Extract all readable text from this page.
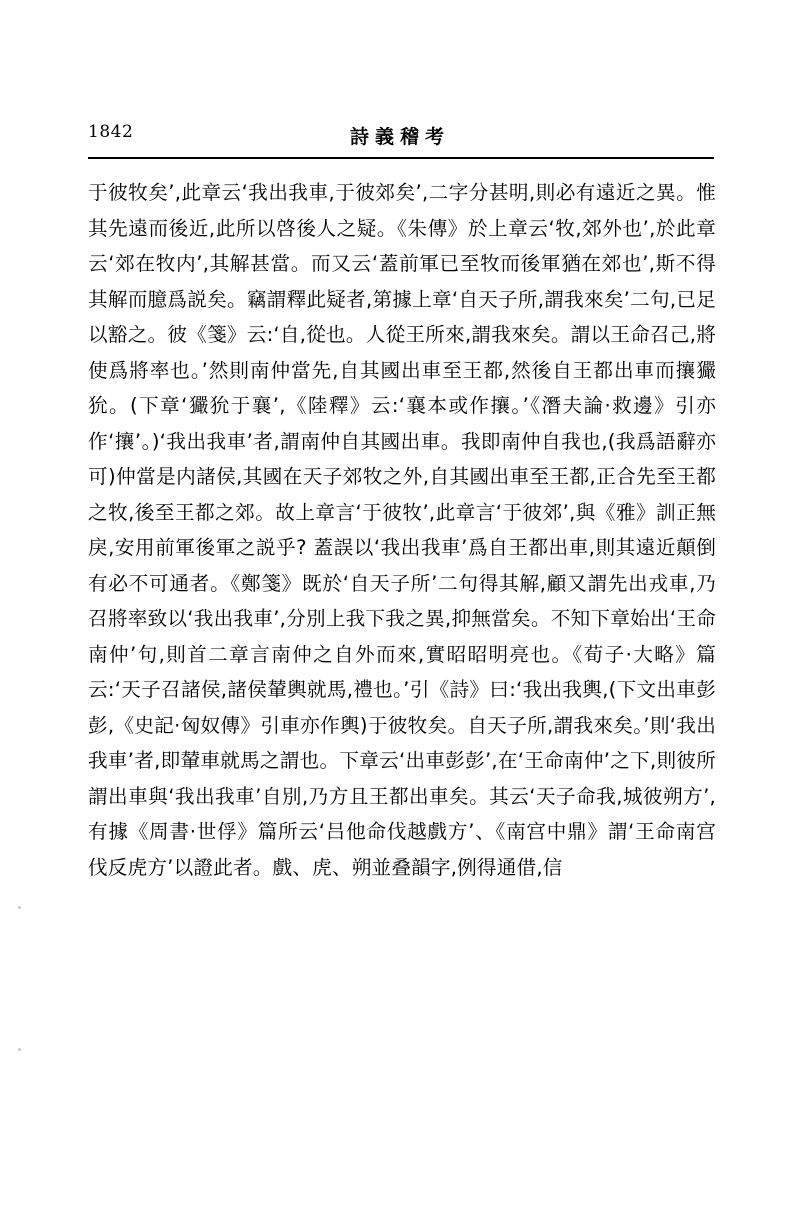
1842	詩義稽考

于彼牧矣’,此章云‘我出我車,于彼郊矣’,二字分甚明,則必有遠近之異。惟其先遠而後近,此所以啓後人之疑。《朱傳》於上章云‘牧,郊外也’,於此章云‘郊在牧内’,其解甚當。而又云‘蓋前軍已至牧而後軍猶在郊也’,斯不得其解而臆爲説矣。竊謂釋此疑者,第據上章‘自天子所,謂我來矣’二句,已足以豁之。彼《箋》云:‘自,從也。人從王所來,謂我來矣。謂以王命召己,將使爲將率也。’然則南仲當先,自其國出車至王都,然後自王都出車而攘玁狁。(下章‘玁狁于襄’,《陸釋》云:‘襄本或作攘。’《潛夫論·救邊》引亦作‘攘’。)‘我出我車’者,謂南仲自其國出車。我即南仲自我也,(我爲語辭亦可)仲當是内諸侯,其國在天子郊牧之外,自其國出車至王都,正合先至王都之牧,後至王都之郊。故上章言‘于彼牧’,此章言‘于彼郊’,與《雅》訓正無戾,安用前軍後軍之説乎? 蓋誤以‘我出我車’爲自王都出車,則其遠近顛倒有必不可通者。《鄭箋》既於‘自天子所’二句得其解,顧又謂先出戎車,乃召將率致以‘我出我車’,分別上我下我之異,抑無當矣。不知下章始出‘王命南仲’句,則首二章言南仲之自外而來,實昭昭明亮也。《荀子·大略》篇云:‘天子召諸侯,諸侯輦輿就馬,禮也。’引《詩》曰:‘我出我輿,(下文出車彭彭,《史記·匈奴傳》引車亦作輿)于彼牧矣。自天子所,謂我來矣。’則‘我出我車’者,即輦車就馬之謂也。下章云‘出車彭彭’,在‘王命南仲’之下,則彼所謂出車與‘我出我車’自別,乃方且王都出車矣。其云‘天子命我,城彼朔方’,有據《周書·世俘》篇所云‘吕他命伐越戲方’、《南宫中鼎》謂‘王命南宫伐反虎方’以證此者。戲、虎、朔並叠韻字,例得通借,信
